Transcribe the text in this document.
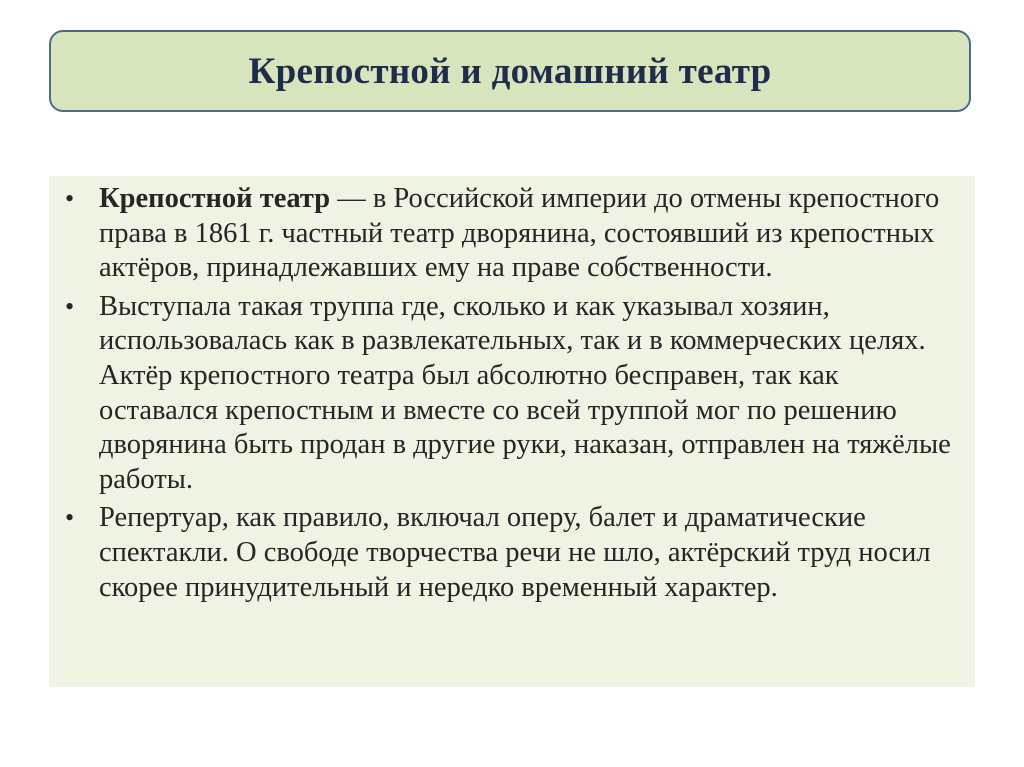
Крепостной и домашний театр
• Крепостной театр — в Российской империи до отмены крепостного права в 1861 г. частный театр дворянина, состоявший из крепостных актёров, принадлежавших ему на праве собственности.
• Выступала такая труппа где, сколько и как указывал хозяин, использовалась как в развлекательных, так и в коммерческих целях. Актёр крепостного театра был абсолютно бесправен, так как оставался крепостным и вместе со всей труппой мог по решению дворянина быть продан в другие руки, наказан, отправлен на тяжёлые работы.
• Репертуар, как правило, включал оперу, балет и драматические спектакли. О свободе творчества речи не шло, актёрский труд носил скорее принудительный и нередко временный характер.
